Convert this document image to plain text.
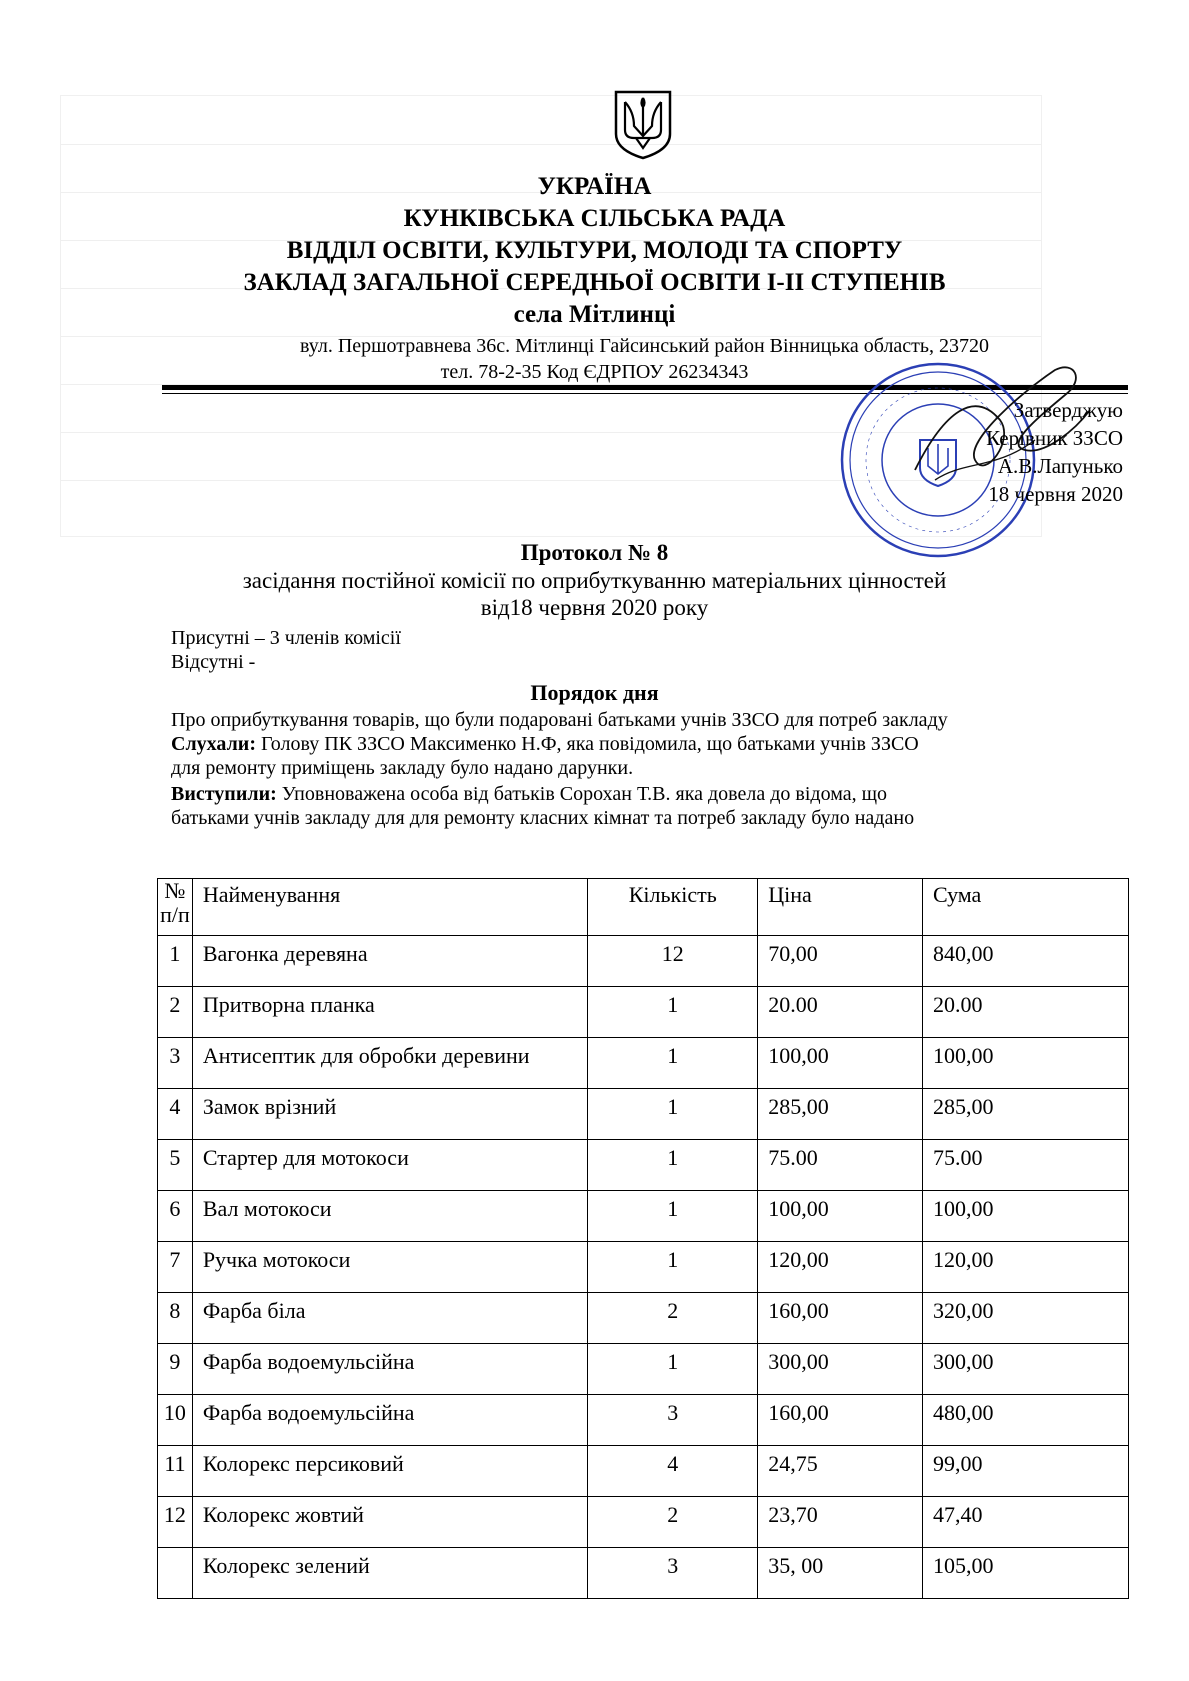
УКРАЇНА
КУНКІВСЬКА СІЛЬСЬКА РАДА
ВІДДІЛ ОСВІТИ, КУЛЬТУРИ, МОЛОДІ ТА СПОРТУ
ЗАКЛАД ЗАГАЛЬНОЇ СЕРЕДНЬОЇ ОСВІТИ І-ІІ СТУПЕНІВ
села Мітлинці
вул. Першотравнева 36с. Мітлинці Гайсинський район Вінницька область, 23720
тел. 78-2-35 Код ЄДРПОУ 26234343
Затверджую
Керівник ЗЗСО
А.В.Лапунько
18 червня 2020
Протокол № 8
засідання постійної комісії по оприбуткуванню матеріальних цінностей
від18 червня 2020 року
Присутні – 3 членів комісії
Відсутні -
Порядок дня
Про оприбуткування товарів, що були подаровані батьками учнів ЗЗСО для потреб закладу
Слухали: Голову ПК ЗЗСО Максименко Н.Ф, яка повідомила, що батьками учнів ЗЗСО
для ремонту приміщень закладу було надано дарунки.
Виступили: Уповноважена особа від батьків Сорохан Т.В. яка довела до відома, що
батьками учнів закладу для для ремонту класних кімнат та потреб закладу було надано
№ п/п	Найменування	Кількість	Ціна	Сума
1	Вагонка деревяна	12	70,00	840,00
2	Притворна планка	1	20.00	20.00
3	Антисептик для обробки деревини	1	100,00	100,00
4	Замок врізний	1	285,00	285,00
5	Стартер для мотокоси	1	75.00	75.00
6	Вал мотокоси	1	100,00	100,00
7	Ручка мотокоси	1	120,00	120,00
8	Фарба біла	2	160,00	320,00
9	Фарба водоемульсійна	1	300,00	300,00
10	Фарба водоемульсійна	3	160,00	480,00
11	Колорекс персиковий	4	24,75	99,00
12	Колорекс жовтий	2	23,70	47,40
	Колорекс зелений	3	35, 00	105,00
